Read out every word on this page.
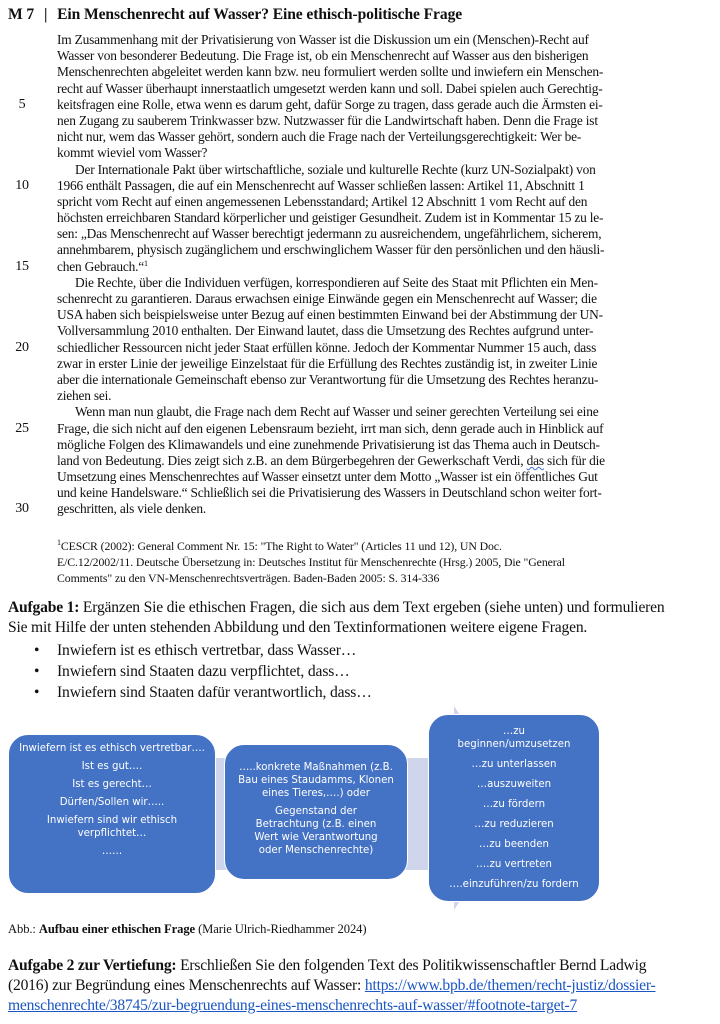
M 7 | Ein Menschenrecht auf Wasser? Eine ethisch-politische Frage
Im Zusammenhang mit der Privatisierung von Wasser ist die Diskussion um ein (Menschen)-Recht auf
Wasser von besonderer Bedeutung. Die Frage ist, ob ein Menschenrecht auf Wasser aus den bisherigen
Menschenrechten abgeleitet werden kann bzw. neu formuliert werden sollte und inwiefern ein Menschen-
recht auf Wasser überhaupt innerstaatlich umgesetzt werden kann und soll. Dabei spielen auch Gerechtig-
5	keitsfragen eine Rolle, etwa wenn es darum geht, dafür Sorge zu tragen, dass gerade auch die Ärmsten ei-
nen Zugang zu sauberem Trinkwasser bzw. Nutzwasser für die Landwirtschaft haben. Denn die Frage ist
nicht nur, wem das Wasser gehört, sondern auch die Frage nach der Verteilungsgerechtigkeit: Wer be-
kommt wieviel vom Wasser?
Der Internationale Pakt über wirtschaftliche, soziale und kulturelle Rechte (kurz UN-Sozialpakt) von
10	1966 enthält Passagen, die auf ein Menschenrecht auf Wasser schließen lassen: Artikel 11, Abschnitt 1
spricht vom Recht auf einen angemessenen Lebensstandard; Artikel 12 Abschnitt 1 vom Recht auf den
höchsten erreichbaren Standard körperlicher und geistiger Gesundheit. Zudem ist in Kommentar 15 zu le-
sen: „Das Menschenrecht auf Wasser berechtigt jedermann zu ausreichendem, ungefährlichem, sicherem,
annehmbarem, physisch zugänglichem und erschwinglichem Wasser für den persönlichen und den häusli-
15	chen Gebrauch.“$^1$
Die Rechte, über die Individuen verfügen, korrespondieren auf Seite des Staat mit Pflichten ein Men-
schenrecht zu garantieren. Daraus erwachsen einige Einwände gegen ein Menschenrecht auf Wasser; die
USA haben sich beispielsweise unter Bezug auf einen bestimmten Einwand bei der Abstimmung der UN-
Vollversammlung 2010 enthalten. Der Einwand lautet, dass die Umsetzung des Rechtes aufgrund unter-
20	schiedlicher Ressourcen nicht jeder Staat erfüllen könne. Jedoch der Kommentar Nummer 15 auch, dass
zwar in erster Linie der jeweilige Einzelstaat für die Erfüllung des Rechtes zuständig ist, in zweiter Linie
aber die internationale Gemeinschaft ebenso zur Verantwortung für die Umsetzung des Rechtes heranzu-
ziehen sei.
Wenn man nun glaubt, die Frage nach dem Recht auf Wasser und seiner gerechten Verteilung sei eine
25	Frage, die sich nicht auf den eigenen Lebensraum bezieht, irrt man sich, denn gerade auch in Hinblick auf
mögliche Folgen des Klimawandels und eine zunehmende Privatisierung ist das Thema auch in Deutsch-
land von Bedeutung. Dies zeigt sich z.B. an dem Bürgerbegehren der Gewerkschaft Verdi, das sich für die
Umsetzung eines Menschenrechtes auf Wasser einsetzt unter dem Motto „Wasser ist ein öffentliches Gut
und keine Handelsware.“ Schließlich sei die Privatisierung des Wassers in Deutschland schon weiter fort-
30	geschritten, als viele denken.
$^1$CESCR (2002): General Comment Nr. 15: "The Right to Water" (Articles 11 und 12), UN Doc.
E/C.12/2002/11. Deutsche Übersetzung in: Deutsches Institut für Menschenrechte (Hrsg.) 2005, Die "General
Comments" zu den VN-Menschenrechtsverträgen. Baden-Baden 2005: S. 314-336
Aufgabe 1: Ergänzen Sie die ethischen Fragen, die sich aus dem Text ergeben (siehe unten) und formulieren
Sie mit Hilfe der unten stehenden Abbildung und den Textinformationen weitere eigene Fragen.
• Inwiefern ist es ethisch vertretbar, dass Wasser…
• Inwiefern sind Staaten dazu verpflichtet, dass…
• Inwiefern sind Staaten dafür verantwortlich, dass…

Inwiefern ist es ethisch vertretbar….

Ist es gut….

Ist es gerecht…

Dürfen/Sollen wir…..

Inwiefern sind wir ethisch verpflichtet…

……

…..konkrete Maßnahmen (z.B. Bau eines Staudamms, Klonen eines Tieres,….) oder

Gegenstand der Betrachtung (z.B. einen Wert wie Verantwortung oder Menschenrechte)

…zu beginnen/umzusetzen

…zu unterlassen

…auszuweiten

…zu fördern

…zu reduzieren

…zu beenden

….zu vertreten

….einzuführen/zu fordern

Abb.: Aufbau einer ethischen Frage (Marie Ulrich-Riedhammer 2024)
Aufgabe 2 zur Vertiefung: Erschließen Sie den folgenden Text des Politikwissenschaftler Bernd Ladwig
(2016) zur Begründung eines Menschenrechts auf Wasser: https://www.bpb.de/themen/recht-justiz/dossier-
menschenrechte/38745/zur-begruendung-eines-menschenrechts-auf-wasser/#footnote-target-7
